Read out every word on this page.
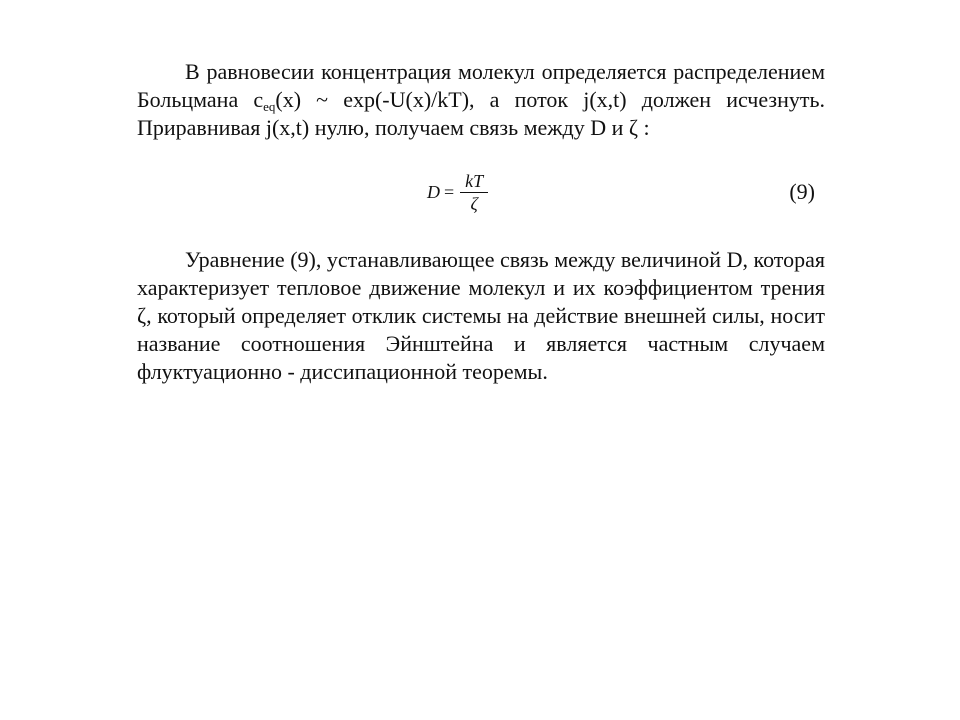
В равновесии концентрация молекул определяется распределением Больцмана $c_{eq}(x)$ ~ exp(-U(x)/kT), а поток j(x,t) должен исчезнуть. Приравнивая j(x,t) нулю, получаем связь между D и ζ :

$D = \frac{kT}{\zeta}$	(9)

Уравнение (9), устанавливающее связь между величиной D, которая характеризует тепловое движение молекул и их коэффициентом трения ζ, который определяет отклик системы на действие внешней силы, носит название соотношения Эйнштейна и является частным случаем флуктуационно - диссипационной теоремы.
